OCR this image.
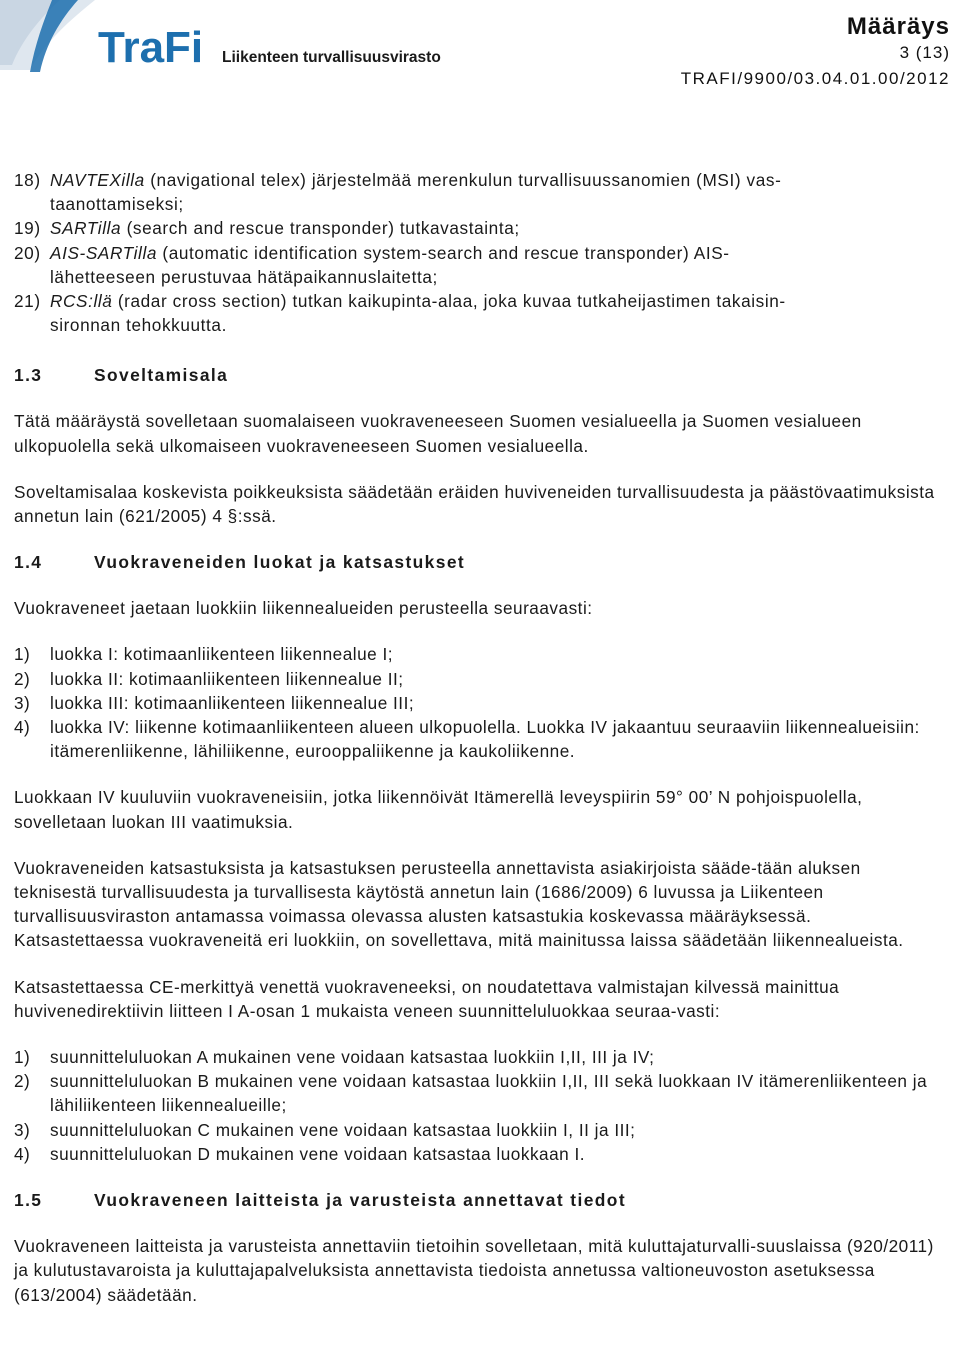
TraFi Liikenteen turvallisuusvirasto
Määräys
3 (13)
TRAFI/9900/03.04.01.00/2012
18) NAVTEXilla (navigational telex) järjestelmää merenkulun turvallisuussanomien (MSI) vas-
taanottamiseksi;
19) SARTilla (search and rescue transponder) tutkavastainta;
20) AIS-SARTilla (automatic identification system-search and rescue transponder) AIS-
lähetteeseen perustuvaa hätäpaikannuslaitetta;
21) RCS:llä (radar cross section) tutkan kaikupinta-alaa, joka kuvaa tutkaheijastimen takaisin-
sironnan tehokkuutta.
1.3	Soveltamisala

Tätä määräystä sovelletaan suomalaiseen vuokraveneeseen Suomen vesialueella ja Suomen vesialueen ulkopuolella sekä ulkomaiseen vuokraveneeseen Suomen vesialueella.

Soveltamisalaa koskevista poikkeuksista säädetään eräiden huviveneiden turvallisuudesta ja päästövaatimuksista annetun lain (621/2005) 4 §:ssä.

1.4	Vuokraveneiden luokat ja katsastukset

Vuokraveneet jaetaan luokkiin liikennealueiden perusteella seuraavasti:

1) luokka I: kotimaanliikenteen liikennealue I;
2) luokka II: kotimaanliikenteen liikennealue II;
3) luokka III: kotimaanliikenteen liikennealue III;
4) luokka IV: liikenne kotimaanliikenteen alueen ulkopuolella. Luokka IV jakaantuu seuraaviin liikennealueisiin: itämerenliikenne, lähiliikenne, eurooppaliikenne ja kaukoliikenne.

Luokkaan IV kuuluviin vuokraveneisiin, jotka liikennöivät Itämerellä leveyspiirin 59° 00’ N pohjoispuolella, sovelletaan luokan III vaatimuksia.

Vuokraveneiden katsastuksista ja katsastuksen perusteella annettavista asiakirjoista sääde-tään aluksen teknisestä turvallisuudesta ja turvallisesta käytöstä annetun lain (1686/2009) 6 luvussa ja Liikenteen turvallisuusviraston antamassa voimassa olevassa alusten katsastukia koskevassa määräyksessä. Katsastettaessa vuokraveneitä eri luokkiin, on sovellettava, mitä mainitussa laissa säädetään liikennealueista.

Katsastettaessa CE-merkittyä venettä vuokraveneeksi, on noudatettava valmistajan kilvessä mainittua huvivenedirektiivin liitteen I A-osan 1 mukaista veneen suunnitteluluokkaa seuraa-vasti:

1) suunnitteluluokan A mukainen vene voidaan katsastaa luokkiin I,II, III ja IV;
2) suunnitteluluokan B mukainen vene voidaan katsastaa luokkiin I,II, III sekä luokkaan IV itämerenliikenteen ja lähiliikenteen liikennealueille;
3) suunnitteluluokan C mukainen vene voidaan katsastaa luokkiin I, II ja III;
4) suunnitteluluokan D mukainen vene voidaan katsastaa luokkaan I.
1.5	Vuokraveneen laitteista ja varusteista annettavat tiedot

Vuokraveneen laitteista ja varusteista annettaviin tietoihin sovelletaan, mitä kuluttajaturvalli-suuslaissa (920/2011) ja kulutustavaroista ja kuluttajapalveluksista annettavista tiedoista annetussa valtioneuvoston asetuksessa (613/2004) säädetään.
